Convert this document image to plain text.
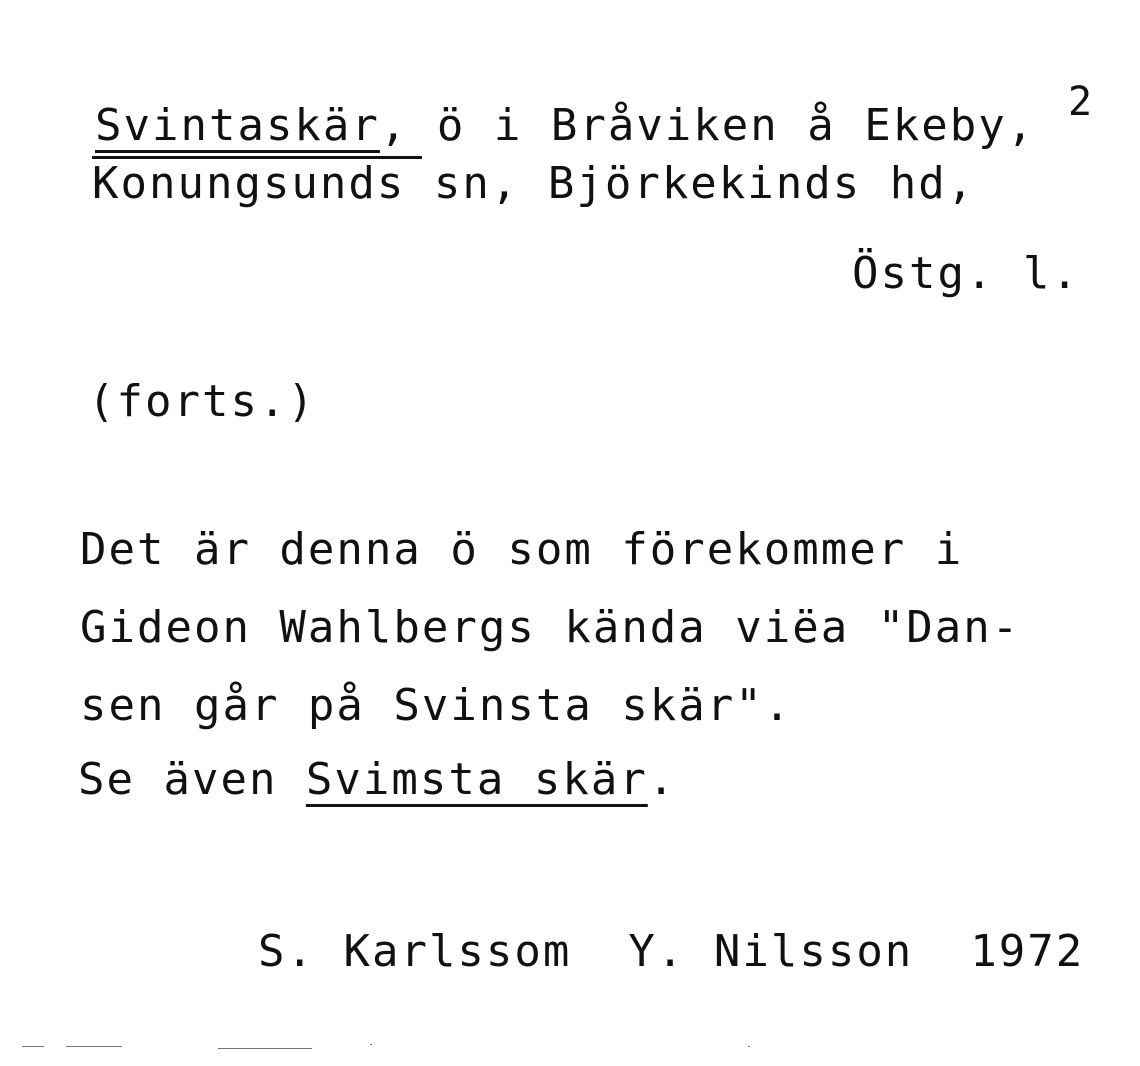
2
Svintaskär, ö i Bråviken å Ekeby,
Konungsunds sn, Björkekinds hd,
Östg. l.
(forts.)
Det är denna ö som förekommer i
Gideon Wahlbergs kända viëa "Dan-
sen går på Svinsta skär".
Se även Svimsta skär.
S. Karlssom Y. Nilsson 1972
